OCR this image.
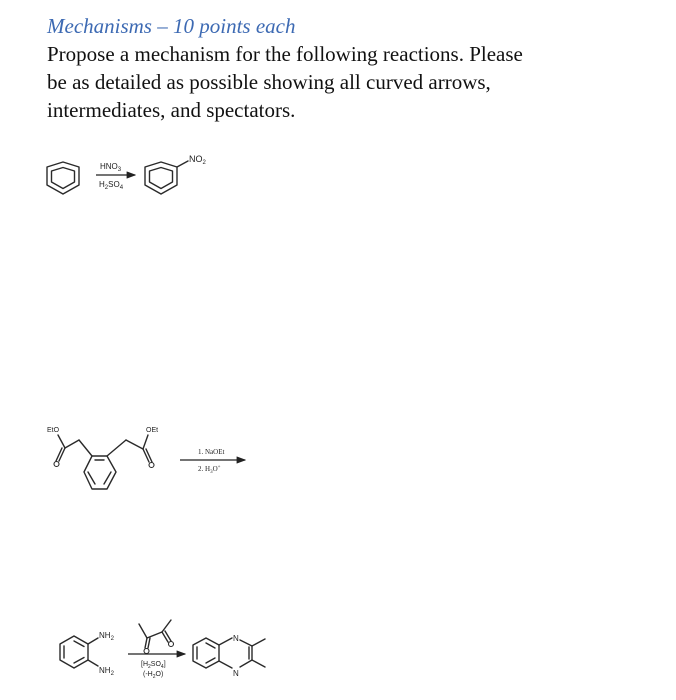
Mechanisms – 10 points each
Propose a mechanism for the following reactions. Please
be as detailed as possible showing all curved arrows,
intermediates, and spectators.
$HNO_3$
$H_2SO_4$
$NO_2$
EtO	OEt
1. NaOEt
2. $H_3O^+$
$NH_2$
$NH_2$
$[H_2SO_4]$
$(-H_2O)$
N
N
